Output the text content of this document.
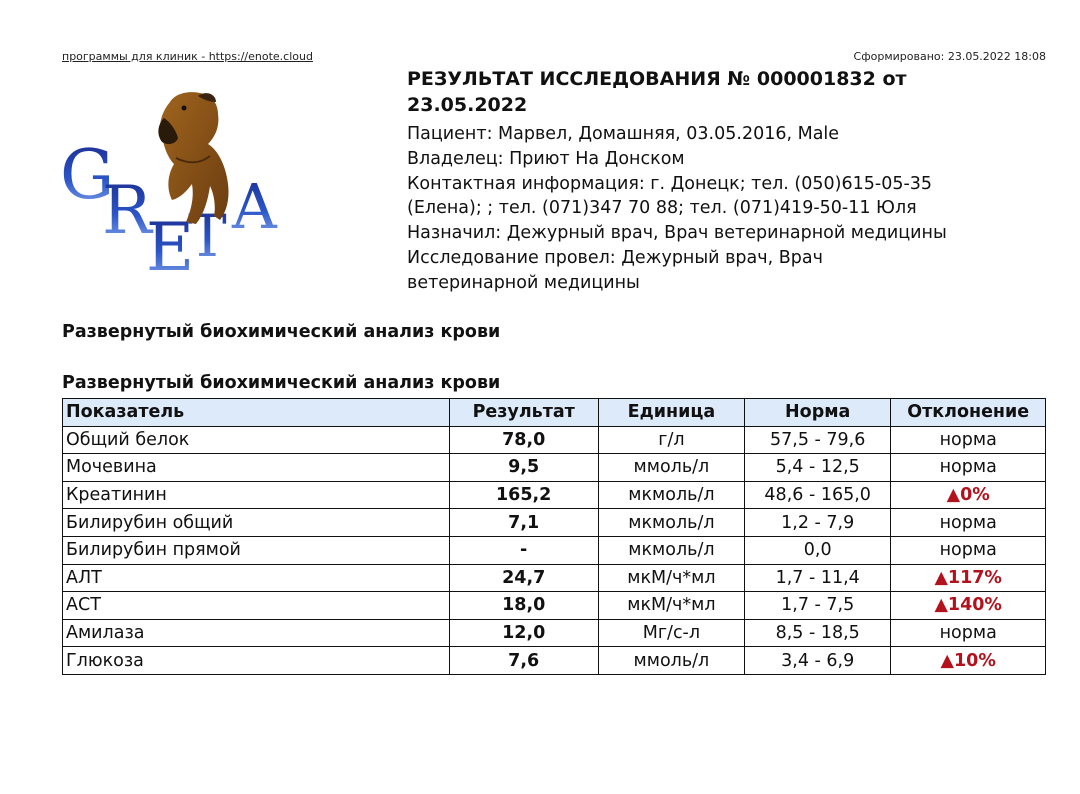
программы для клиник - https://enote.cloud	Сформировано: 23.05.2022 18:08
G
R
E
T A
РЕЗУЛЬТАТ ИССЛЕДОВАНИЯ № 000001832 от
23.05.2022

Пациент: Марвел, Домашняя, 03.05.2016, Male

Владелец: Приют На Донском

Контактная информация: г. Донецк; тел. (050)615-05-35

(Елена); ; тел. (071)347 70 88; тел. (071)419-50-11 Юля

Назначил: Дежурный врач, Врач ветеринарной медицины

Исследование провел: Дежурный врач, Врач

ветеринарной медицины

Развернутый биохимический анализ крови
Развернутый биохимический анализ крови
Показатель	Результат	Единица	Норма	Отклонение
Общий белок	78,0	г/л	57,5 - 79,6	норма
Мочевина	9,5	ммоль/л	5,4 - 12,5	норма
Креатинин	165,2	мкмоль/л	48,6 - 165,0	▲0%
Билирубин общий	7,1	мкмоль/л	1,2 - 7,9	норма
Билирубин прямой	-	мкмоль/л	0,0	норма
АЛТ	24,7	мкМ/ч*мл	1,7 - 11,4	▲117%
АСТ	18,0	мкМ/ч*мл	1,7 - 7,5	▲140%
Амилаза	12,0	Мг/с-л	8,5 - 18,5	норма
Глюкоза	7,6	ммоль/л	3,4 - 6,9	▲10%
